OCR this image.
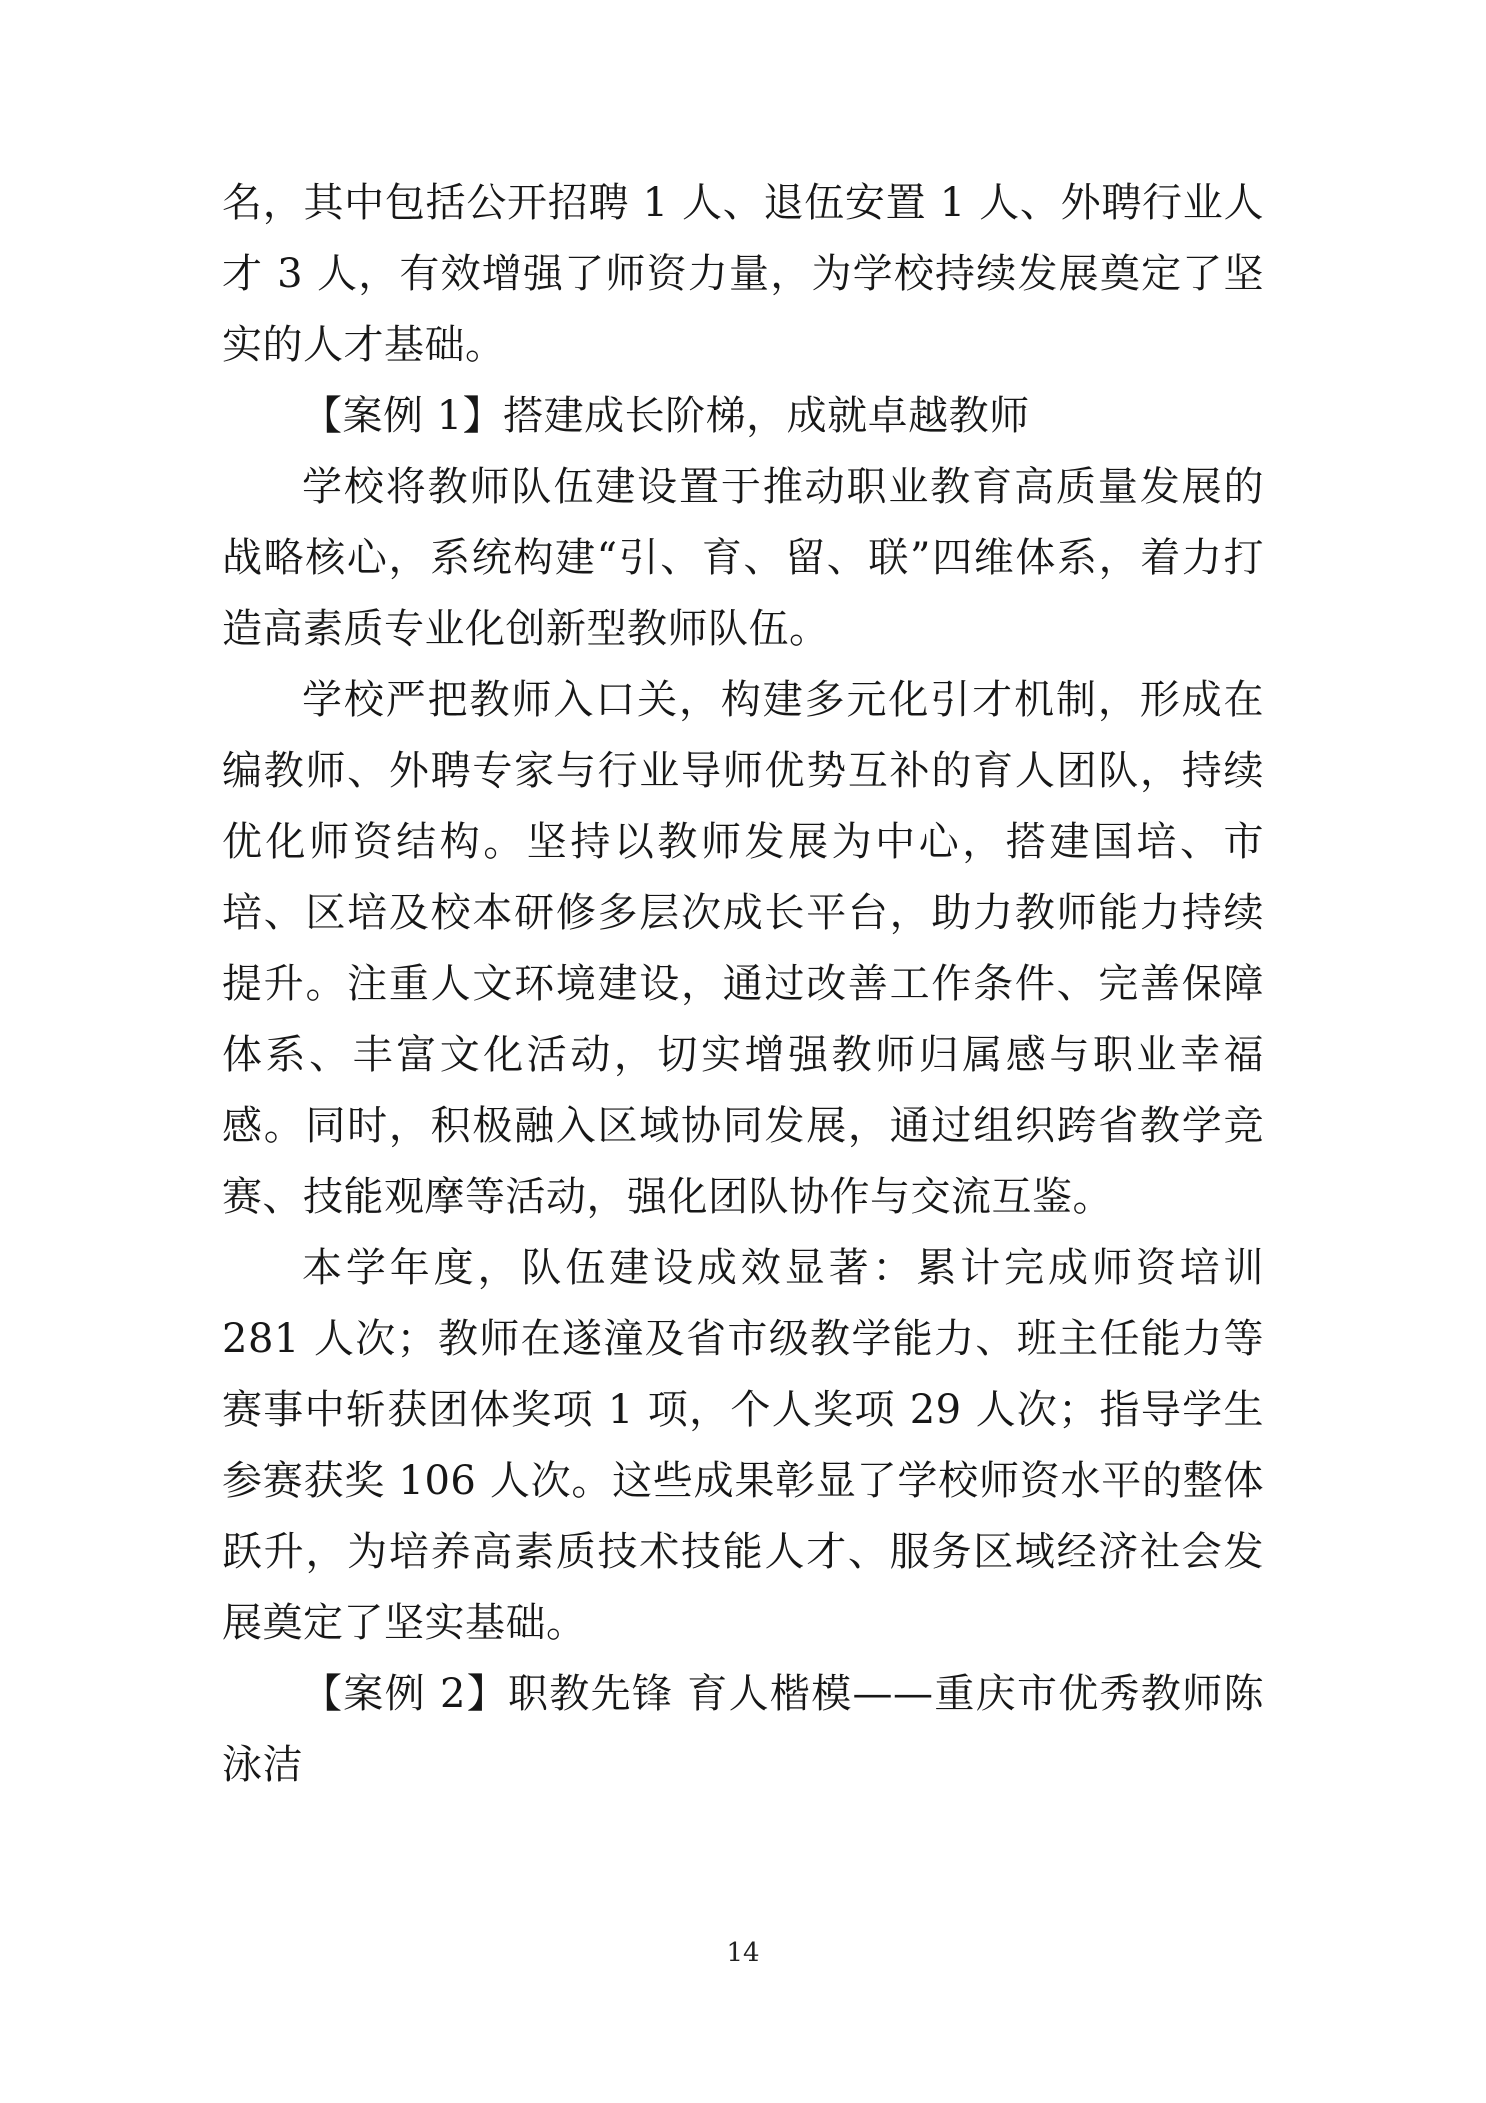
名，其中包括公开招聘 1 人、退伍安置 1 人、外聘行业人才 3 人，有效增强了师资力量，为学校持续发展奠定了坚实的人才基础。

【案例 1】搭建成长阶梯，成就卓越教师

学校将教师队伍建设置于推动职业教育高质量发展的战略核心，系统构建“引、育、留、联”四维体系，着力打造高素质专业化创新型教师队伍。

学校严把教师入口关，构建多元化引才机制，形成在编教师、外聘专家与行业导师优势互补的育人团队，持续优化师资结构。坚持以教师发展为中心，搭建国培、市培、区培及校本研修多层次成长平台，助力教师能力持续提升。注重人文环境建设，通过改善工作条件、完善保障体系、丰富文化活动，切实增强教师归属感与职业幸福感。同时，积极融入区域协同发展，通过组织跨省教学竞赛、技能观摩等活动，强化团队协作与交流互鉴。

本学年度，队伍建设成效显著：累计完成师资培训 281 人次；教师在遂潼及省市级教学能力、班主任能力等赛事中斩获团体奖项 1 项，个人奖项 29 人次；指导学生参赛获奖 106 人次。这些成果彰显了学校师资水平的整体跃升，为培养高素质技术技能人才、服务区域经济社会发展奠定了坚实基础。

【案例 2】职教先锋 育人楷模——重庆市优秀教师陈泳洁

14
